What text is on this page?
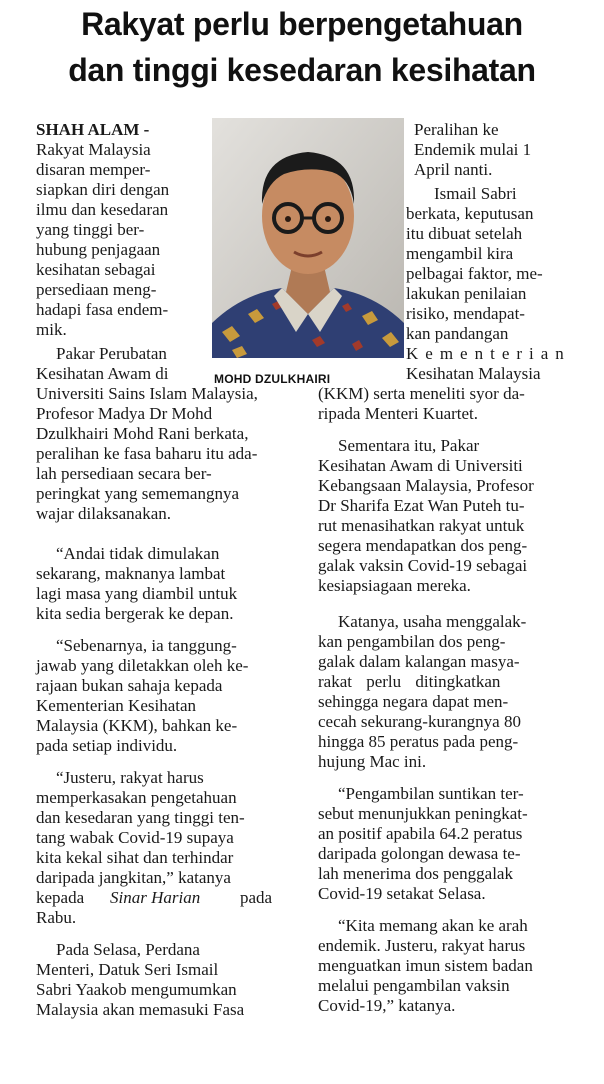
Rakyat perlu berpengetahuan
dan tinggi kesedaran kesihatan
MOHD DZULKHAIRI
SHAH ALAM -
Rakyat Malaysia
disaran memper-
siapkan diri dengan
ilmu dan kesedaran
yang tinggi ber-
hubung penjagaan
kesihatan sebagai
persediaan meng-
hadapi fasa endem-
mik.
Pakar Perubatan
Kesihatan Awam di
Universiti Sains Islam Malaysia,
Profesor Madya Dr Mohd
Dzulkhairi Mohd Rani berkata,
peralihan ke fasa baharu itu ada-
lah persediaan secara ber-
peringkat yang sememangnya
wajar dilaksanakan.
“Andai tidak dimulakan
sekarang, maknanya lambat
lagi masa yang diambil untuk
kita sedia bergerak ke depan.
“Sebenarnya, ia tanggung-
jawab yang diletakkan oleh ke-
rajaan bukan sahaja kepada
Kementerian Kesihatan
Malaysia (KKM), bahkan ke-
pada setiap individu.
“Justeru, rakyat harus
memperkasakan pengetahuan
dan kesedaran yang tinggi ten-
tang wabak Covid-19 supaya
kita kekal sihat dan terhindar
daripada jangkitan,” katanya
kepada Sinar Harian pada
Rabu.
Pada Selasa, Perdana
Menteri, Datuk Seri Ismail
Sabri Yaakob mengumumkan
Malaysia akan memasuki Fasa
Peralihan ke
Endemik mulai 1
April nanti.
Ismail Sabri
berkata, keputusan
itu dibuat setelah
mengambil kira
pelbagai faktor, me-
lakukan penilaian
risiko, mendapat-
kan pandangan
Kementerian
Kesihatan Malaysia
(KKM) serta meneliti syor da-
ripada Menteri Kuartet.
Sementara itu, Pakar
Kesihatan Awam di Universiti
Kebangsaan Malaysia, Profesor
Dr Sharifa Ezat Wan Puteh tu-
rut menasihatkan rakyat untuk
segera mendapatkan dos peng-
galak vaksin Covid-19 sebagai
kesiapsiagaan mereka.
Katanya, usaha menggalak-
kan pengambilan dos peng-
galak dalam kalangan masya-
rakat perlu ditingkatkan
sehingga negara dapat men-
cecah sekurang-kurangnya 80
hingga 85 peratus pada peng-
hujung Mac ini.
“Pengambilan suntikan ter-
sebut menunjukkan peningkat-
an positif apabila 64.2 peratus
daripada golongan dewasa te-
lah menerima dos penggalak
Covid-19 setakat Selasa.
“Kita memang akan ke arah
endemik. Justeru, rakyat harus
menguatkan imun sistem badan
melalui pengambilan vaksin
Covid-19,” katanya.
